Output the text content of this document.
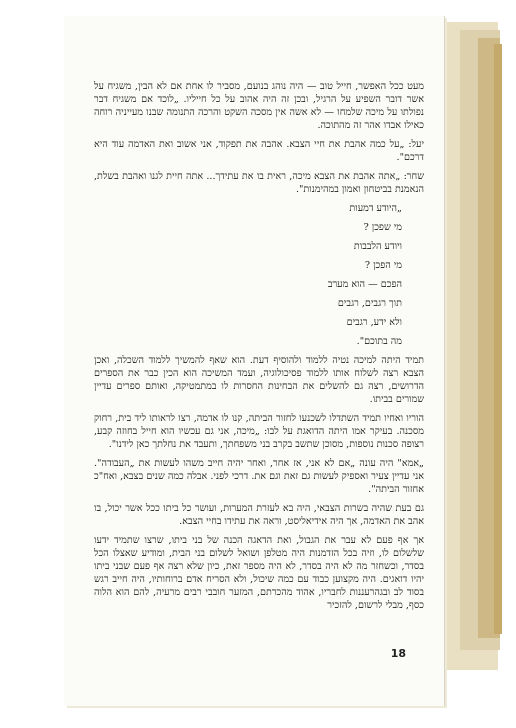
מעט ככל האפשר, חייל טוב — היה נוהג בנועם, מסביר לו אחת אם לא הבין, משגיח על אשר דובר השפיע על הרגיל, ובכן זה היה אהוב על כל חייליו. „לוכד אם משגיח דבר נפולתו על מיכה שלמחו — לא אשה אין מסכה השקט והרכה התנומה שבנו מעייניה רוחה כאילו אבדו אהר זה מהתוכה.

יעל: „על כמה אהבת את חיי הצבא. אהבה את תפקוד, אני אשוב ואת האדמה עוד היא דרכם".

שחר: „אתה אהבת את הצבא מיכה, ראית בו את עתידך... אתה חיית לגנו ואהבת בשלת, הנאמנת בביטחון ואמון במהימנות".

„היודע דמעות

מי שפכן ?

ויודע הלבבות

מי הפכן ?

הפכם — הוא מערב

תוך רגבים, רגבים

ולא ידע, רגבים

מה בתוכם".

תמיד היתה למיכה נטיה ללמוד ולהוסיף דעת. הוא שאף להמשיך ללמוד השכלה, ואכן הצבא רצה לשלוח אותו ללמוד פסיכולוגיה, ועמד המשיכה הוא הכין כבר את הספרים הדרושים, רצה גם להשלים את הבחינות החסרות לו במתמטיקה, ואותם ספרים עדיין שמורים בביתו.

הוריו ואחיו תמיד השתדלו לשכנעו לחזור הביתה, קנו לו אדמה, רצו לראותו ליד בית, רחוק מסכנה. בעיקר אמו היתה הדואגת על לבו: „מיכה, אני גם עכשיו הוא חייל בחוזה קבע, רצופה סכנות נוספות, מסוכן שתשב בקרב בני משפחתך, ותעבד את נחלתך כאן לידנו".

„אמא" היה עונה „אם לא אני, אז אחר, ואחר יהיה חייב משהו לעשות את „העבודה". אני עדיין צעיר ואספיק לעשות גם זאת וגם את. דרכי לפני. אבלה כמה שנים בצבא, ואח"כ אחזור הביתה".

גם בעת שהיה בשרות הצבאי, היה בא לעזרת המערות, ועושר כל ביתו ככל אשר יכול, בו אהב את האדמה, אך היה אידיאליסט, וראה את עתידו בחיי הצבא.

אך אף פעם לא עבר את הגבול, ואת הדאגה הכנה של בני ביתו, שרצו שתמיד ידעו שלשלום לו, וזיה בכל הזדמנות היה מטלפן ושואל לשלום בני הבית, ומודיע שאצלו הכל בסדר, וכשחזר מה לא היה בסדר, לא היה מספר זאת, כיון שלא רצה אף פעם שבני ביתו יהיו דואגים. היה מקצוען כבוד עם כמה שיכול, ולא הסריח אדם ברוחותיו, היה חייב רגש בסוד לב ובגהרעננות לחבריו, אהוד מהכרתם, המזער חובבי רבים מרעיה, להם הוא הלוה כסף, מבלי לרשום, להזכיר

18
